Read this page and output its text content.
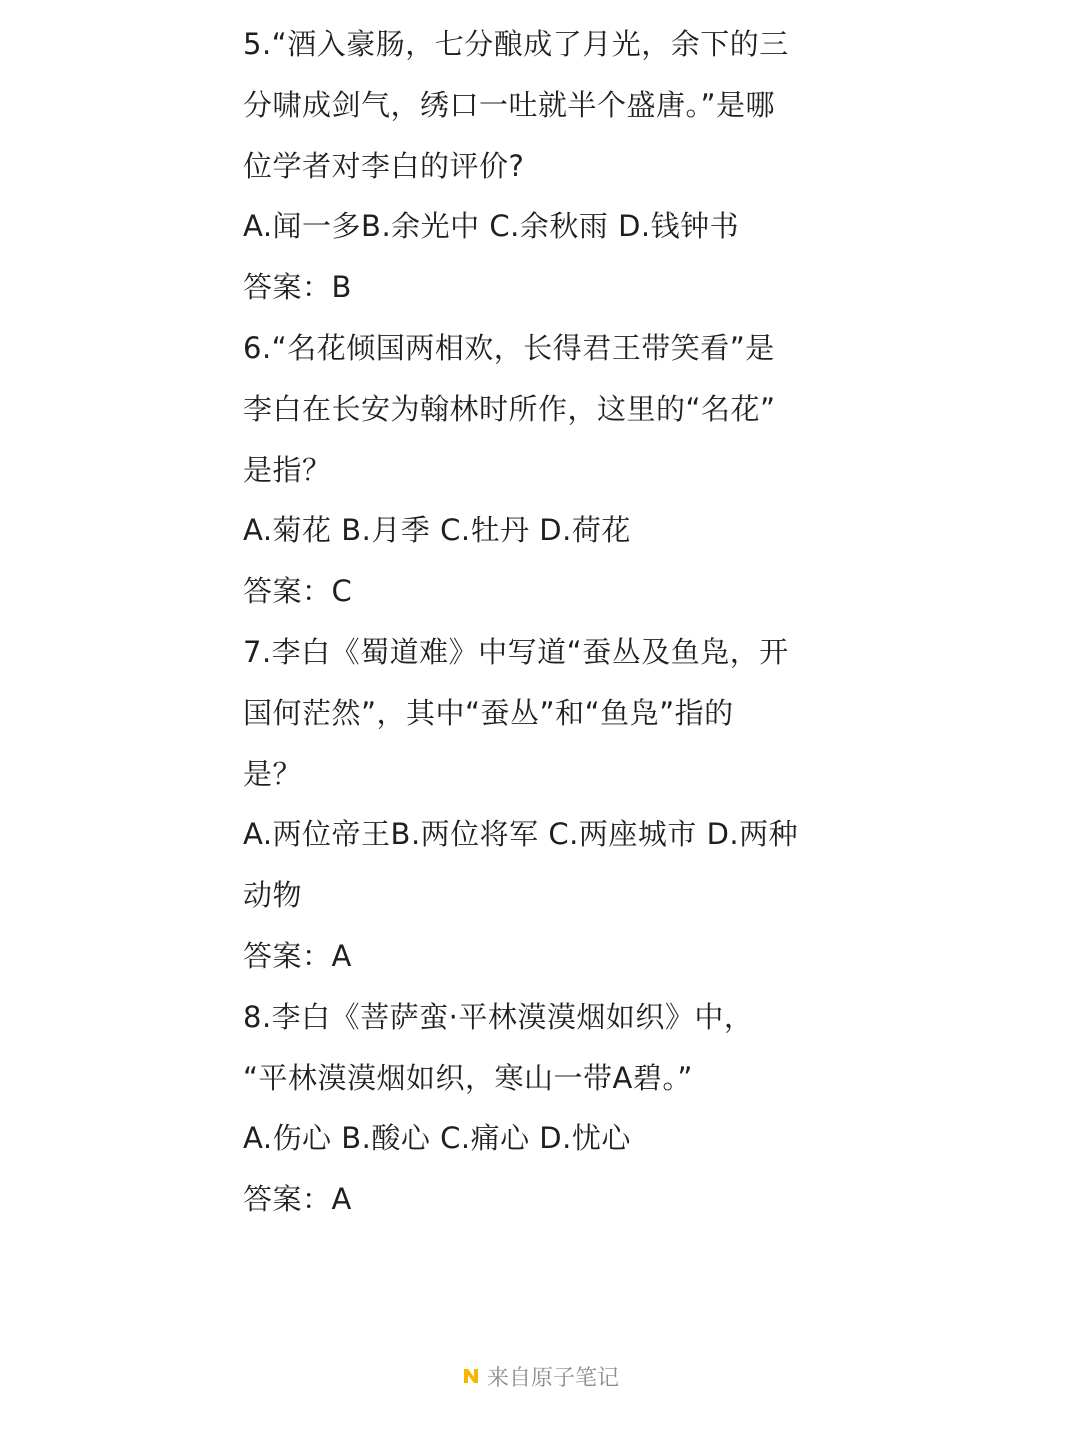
5.“酒入豪肠，七分酿成了月光，余下的三
分啸成剑气，绣口一吐就半个盛唐。”是哪
位学者对李白的评价?
A.闻一多B.余光中 C.余秋雨 D.钱钟书
答案：B
6.“名花倾国两相欢，长得君王带笑看”是
李白在长安为翰林时所作，这里的“名花”
是指？
A.菊花 B.月季 C.牡丹 D.荷花
答案：C
7.李白《蜀道难》中写道“蚕丛及鱼凫，开
国何茫然”，其中“蚕丛”和“鱼凫”指的
是？
A.两位帝王B.两位将军 C.两座城市 D.两种
动物
答案：A
8.李白《菩萨蛮·平林漠漠烟如织》中，
“平林漠漠烟如织，寒山一带A碧。”
A.伤心 B.酸心 C.痛心 D.忧心
答案：A
来自原子笔记
